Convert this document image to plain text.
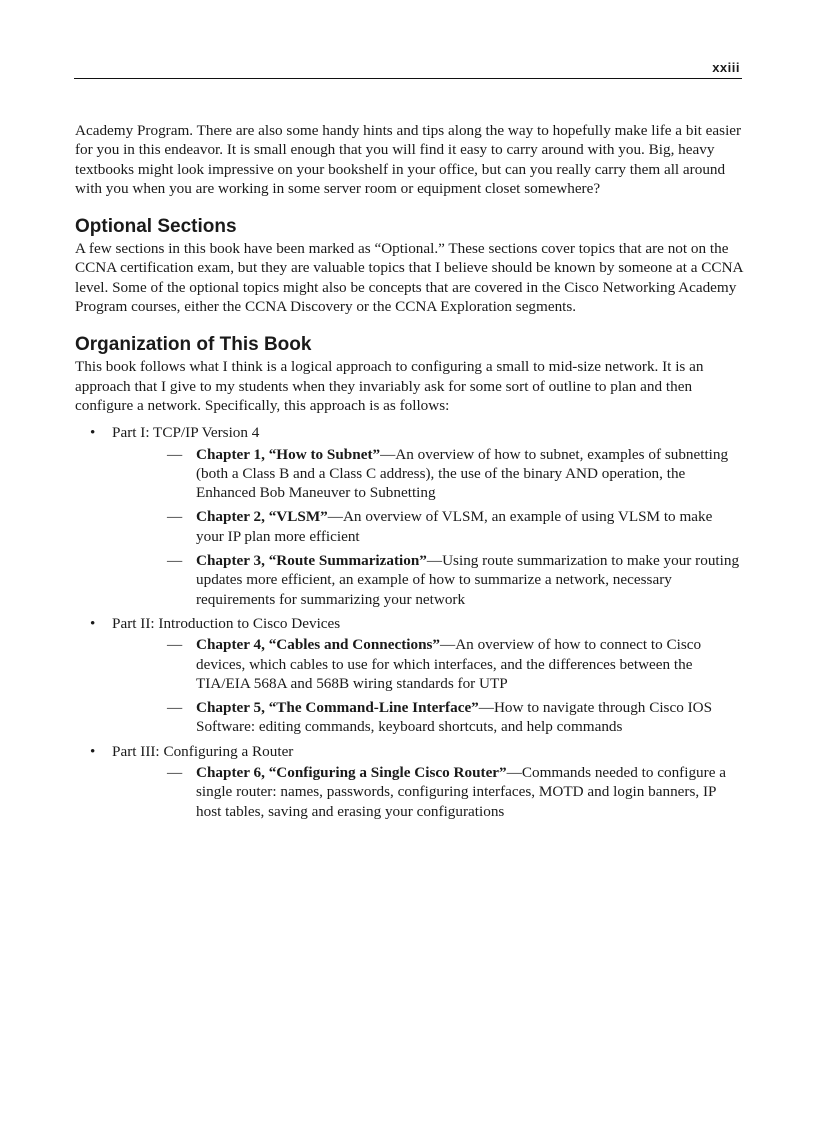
xxiii

Academy Program. There are also some handy hints and tips along the way to hopefully make life a bit easier for you in this endeavor. It is small enough that you will find it easy to carry around with you. Big, heavy textbooks might look impressive on your bookshelf in your office, but can you really carry them all around with you when you are working in some server room or equipment closet somewhere?

Optional Sections

A few sections in this book have been marked as “Optional.” These sections cover topics that are not on the CCNA certification exam, but they are valuable topics that I believe should be known by someone at a CCNA level. Some of the optional topics might also be concepts that are covered in the Cisco Networking Academy Program courses, either the CCNA Discovery or the CCNA Exploration segments.

Organization of This Book

This book follows what I think is a logical approach to configuring a small to mid-size network. It is an approach that I give to my students when they invariably ask for some sort of outline to plan and then configure a network. Specifically, this approach is as follows:

• Part I: TCP/IP Version 4
— Chapter 1, “How to Subnet”—An overview of how to subnet, examples of subnetting (both a Class B and a Class C address), the use of the binary AND operation, the Enhanced Bob Maneuver to Subnetting
— Chapter 2, “VLSM”—An overview of VLSM, an example of using VLSM to make your IP plan more efficient
— Chapter 3, “Route Summarization”—Using route summarization to make your routing updates more efficient, an example of how to summarize a network, necessary requirements for summarizing your network
• Part II: Introduction to Cisco Devices
— Chapter 4, “Cables and Connections”—An overview of how to connect to Cisco devices, which cables to use for which interfaces, and the differences between the TIA/EIA 568A and 568B wiring standards for UTP
— Chapter 5, “The Command-Line Interface”—How to navigate through Cisco IOS Software: editing commands, keyboard shortcuts, and help commands
• Part III: Configuring a Router
— Chapter 6, “Configuring a Single Cisco Router”—Commands needed to configure a single router: names, passwords, configuring interfaces, MOTD and login banners, IP host tables, saving and erasing your configurations
